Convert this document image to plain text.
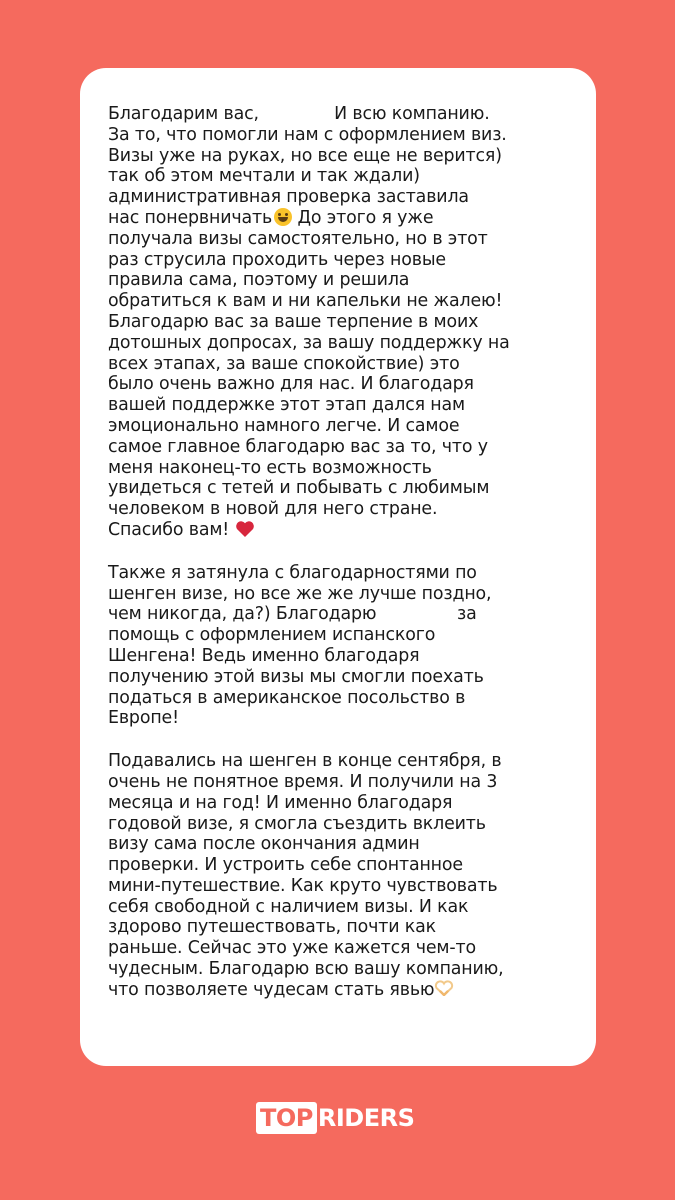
Благодарим вас,              И всю компанию.
За то, что помогли нам с оформлением виз.
Визы уже на руках, но все еще не верится)
так об этом мечтали и так ждали)
административная проверка заставила
нас понервничать До этого я уже
получала визы самостоятельно, но в этот
раз струсила проходить через новые
правила сама, поэтому и решила
обратиться к вам и ни капельки не жалею!
Благодарю вас за ваше терпение в моих
дотошных допросах, за вашу поддержку на
всех этапах, за ваше спокойствие) это
было очень важно для нас. И благодаря
вашей поддержке этот этап дался нам
эмоционально намного легче. И самое
самое главное благодарю вас за то, что у
меня наконец-то есть возможность
увидеться с тетей и побывать с любимым
человеком в новой для него стране.
Спасибо вам!

Также я затянула с благодарностями по
шенген визе, но все же же лучше поздно,
чем никогда, да?) Благодарю               за
помощь с оформлением испанского
Шенгена! Ведь именно благодаря
получению этой визы мы смогли поехать
податься в американское посольство в
Европе!

Подавались на шенген в конце сентября, в
очень не понятное время. И получили на 3
месяца и на год! И именно благодаря
годовой визе, я смогла съездить вклеить
визу сама после окончания админ
проверки. И устроить себе спонтанное
мини-путешествие. Как круто чувствовать
себя свободной с наличием визы. И как
здорово путешествовать, почти как
раньше. Сейчас это уже кажется чем-то
чудесным. Благодарю всю вашу компанию,
что позволяете чудесам стать явью

TOP RIDERS
